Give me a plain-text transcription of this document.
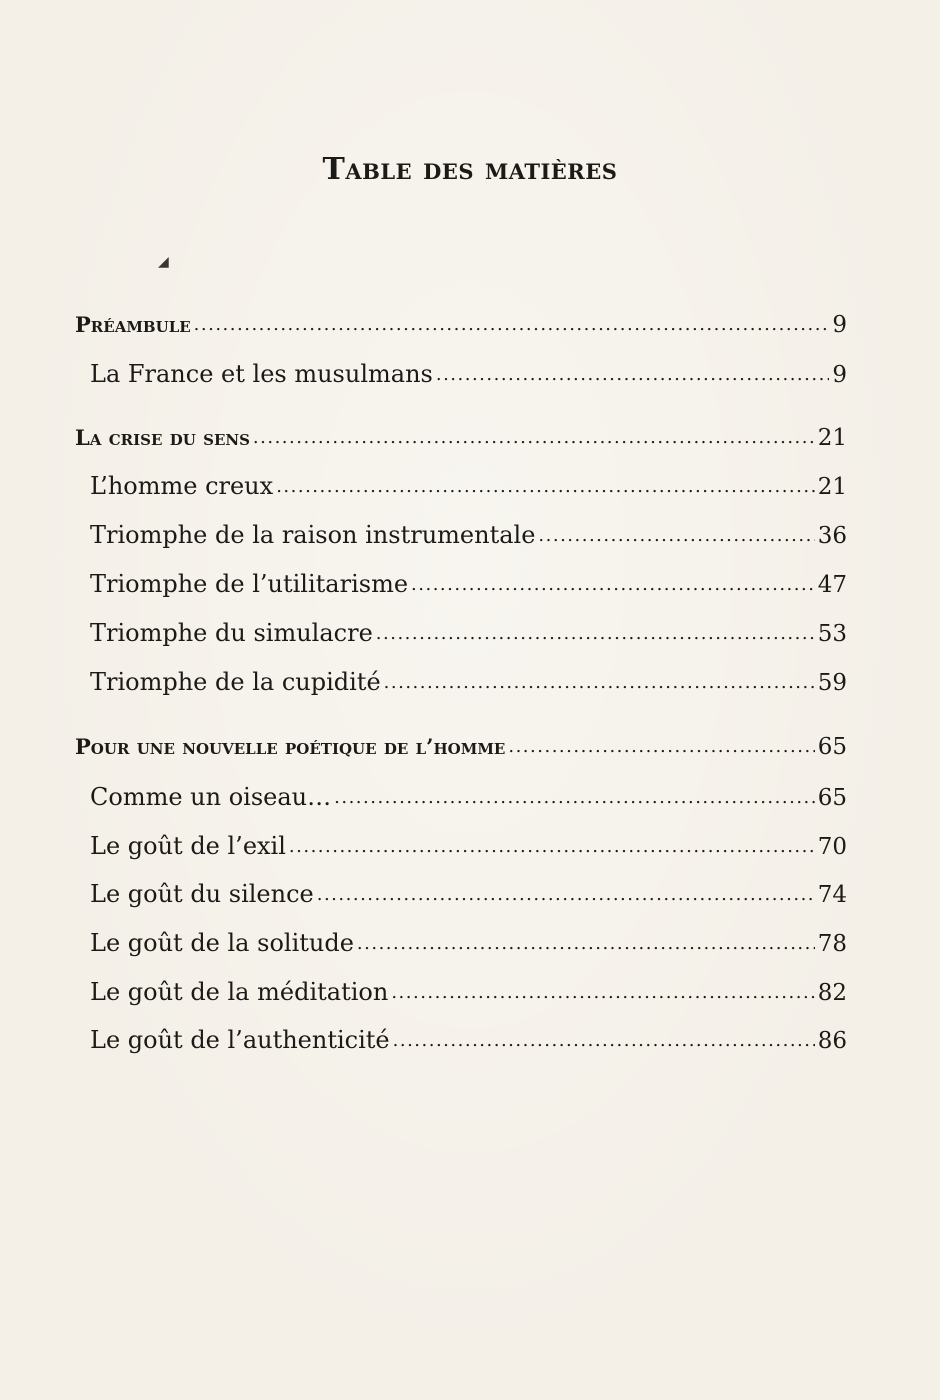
Table des matières
◢
Préambule .....	9
La France et les musulmans .....	9
La crise du sens .....	21
L’homme creux .....	21
Triomphe de la raison instrumentale .....	36
Triomphe de l’utilitarisme .....	47
Triomphe du simulacre .....	53
Triomphe de la cupidité .....	59
Pour une nouvelle poétique de l’homme .....	65
Comme un oiseau… .....	65
Le goût de l’exil .....	70
Le goût du silence .....	74
Le goût de la solitude .....	78
Le goût de la méditation .....	82
Le goût de l’authenticité .....	86
